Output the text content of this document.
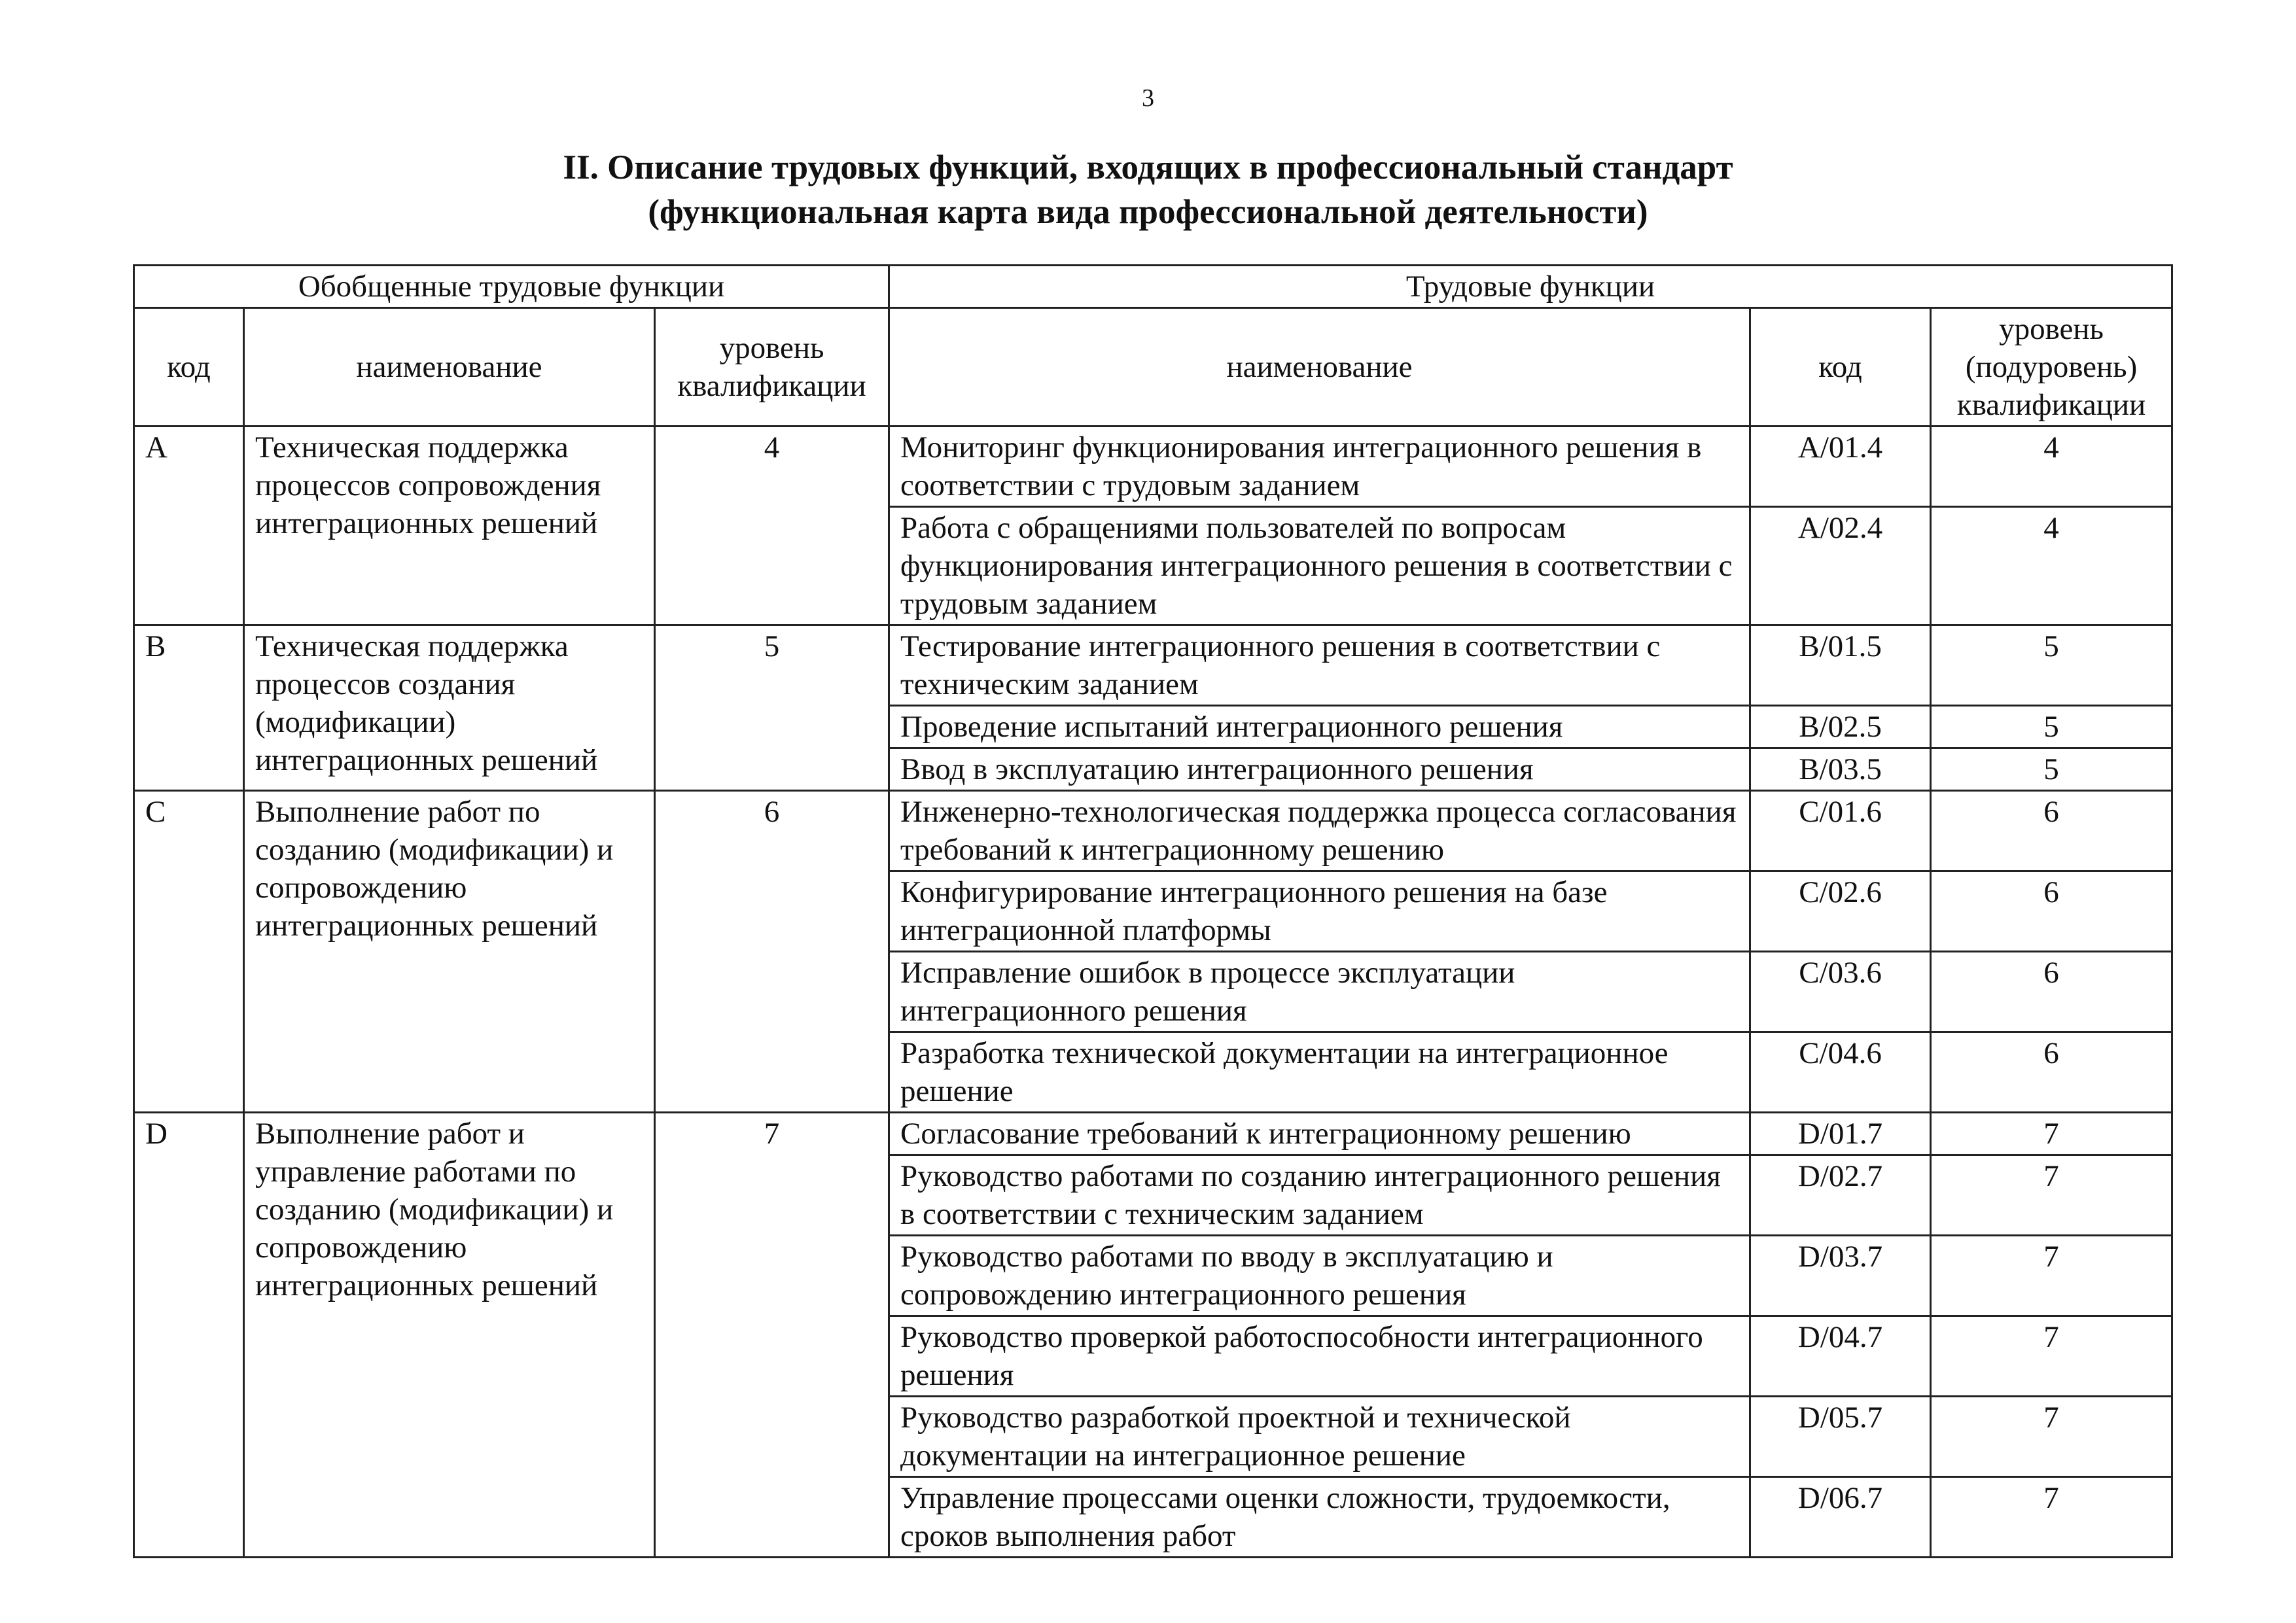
3
II. Описание трудовых функций, входящих в профессиональный стандарт
(функциональная карта вида профессиональной деятельности)
Обобщенные трудовые функции			Трудовые функции		
код	наименование	уровень квалификации	наименование	код	уровень (подуровень) квалификации
A	Техническая поддержка процессов сопровождения интеграционных решений	4	Мониторинг функционирования интеграционного решения в соответствии с трудовым заданием	A/01.4	4
			Работа с обращениями пользователей по вопросам функционирования интеграционного решения в соответствии с трудовым заданием	A/02.4	4
B	Техническая поддержка процессов создания (модификации) интеграционных решений	5	Тестирование интеграционного решения в соответствии с техническим заданием	B/01.5	5
			Проведение испытаний интеграционного решения	B/02.5	5
			Ввод в эксплуатацию интеграционного решения	B/03.5	5
C	Выполнение работ по созданию (модификации) и сопровождению интеграционных решений	6	Инженерно-технологическая поддержка процесса согласования требований к интеграционному решению	C/01.6	6
			Конфигурирование интеграционного решения на базе интеграционной платформы	C/02.6	6
			Исправление ошибок в процессе эксплуатации интеграционного решения	C/03.6	6
			Разработка технической документации на интеграционное решение	C/04.6	6
D	Выполнение работ и управление работами по созданию (модификации) и сопровождению интеграционных решений	7	Согласование требований к интеграционному решению	D/01.7	7
			Руководство работами по созданию интеграционного решения в соответствии с техническим заданием	D/02.7	7
			Руководство работами по вводу в эксплуатацию и сопровождению интеграционного решения	D/03.7	7
			Руководство проверкой работоспособности интеграционного решения	D/04.7	7
			Руководство разработкой проектной и технической документации на интеграционное решение	D/05.7	7
			Управление процессами оценки сложности, трудоемкости, сроков выполнения работ	D/06.7	7
